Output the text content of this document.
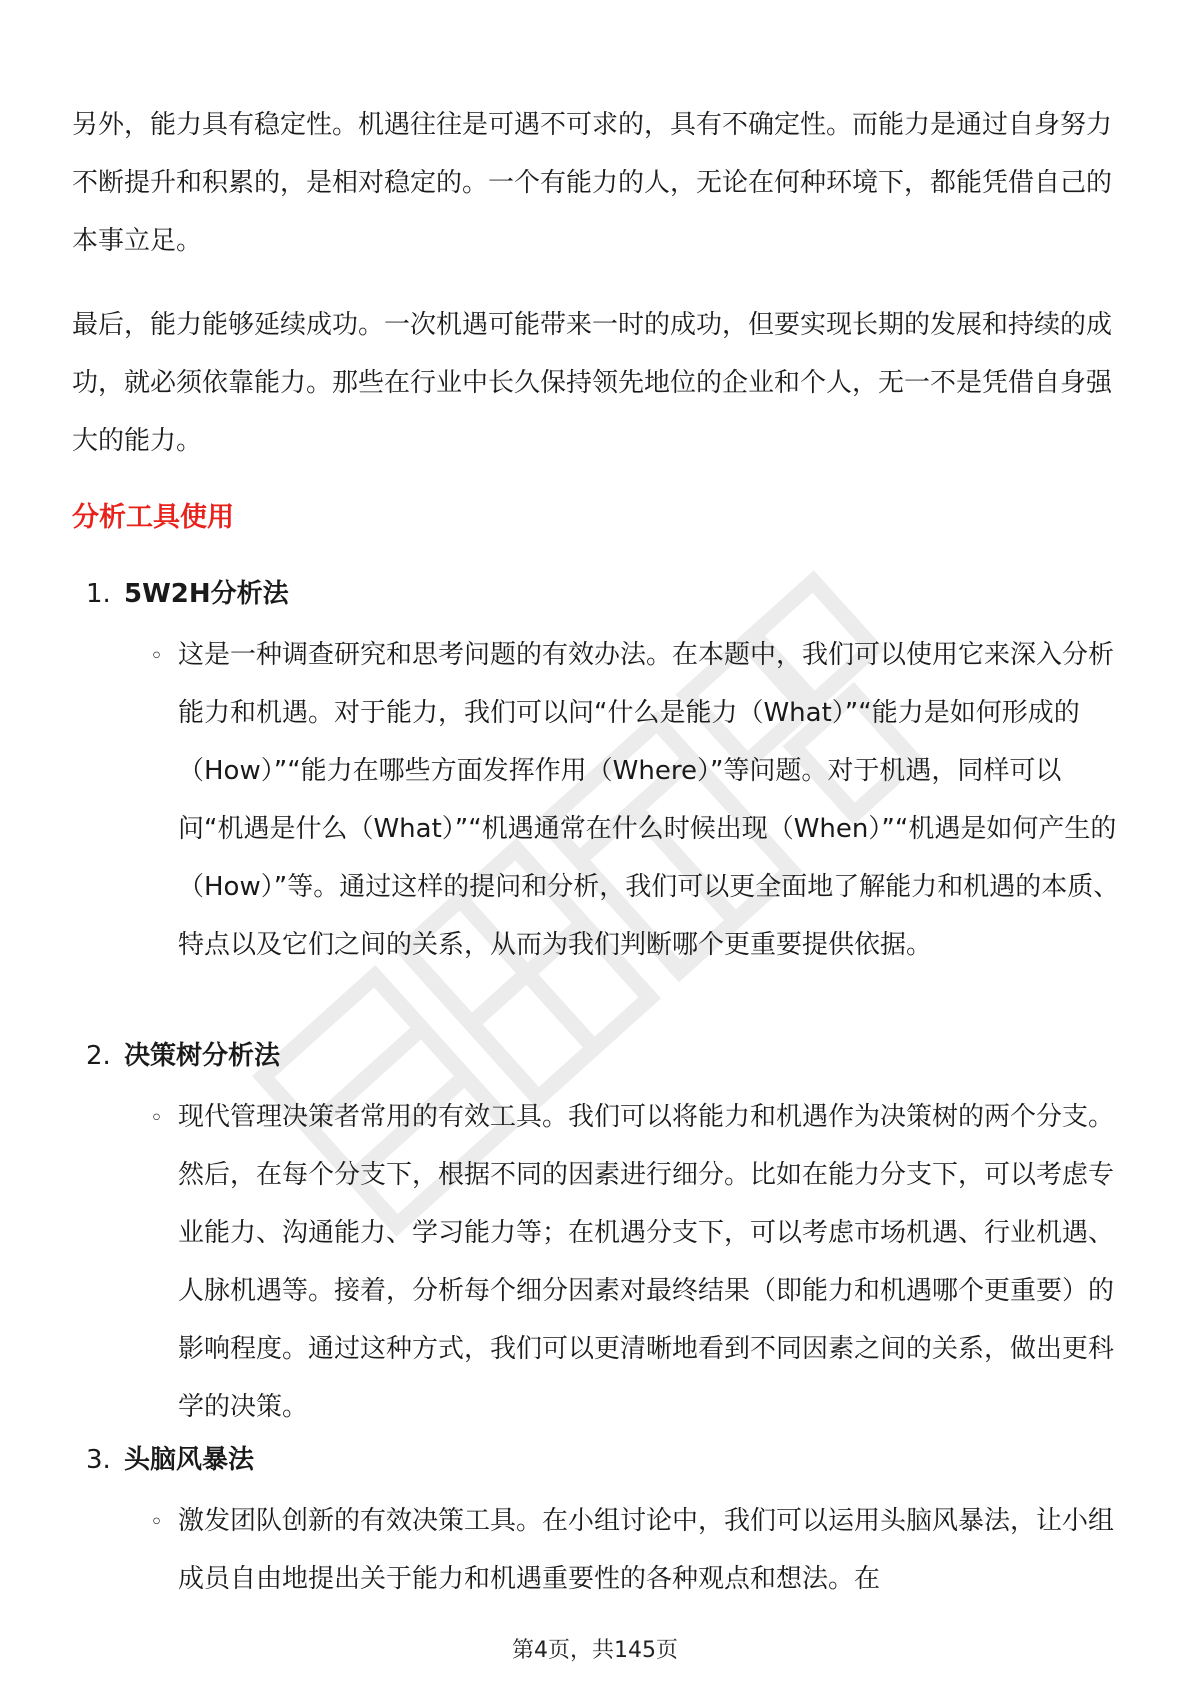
另外，能力具有稳定性。机遇往往是可遇不可求的，具有不确定性。而能力是通过自身努力不断提升和积累的，是相对稳定的。一个有能力的人，无论在何种环境下，都能凭借自己的本事立足。

最后，能力能够延续成功。一次机遇可能带来一时的成功，但要实现长期的发展和持续的成功，就必须依靠能力。那些在行业中长久保持领先地位的企业和个人，无一不是凭借自身强大的能力。

分析工具使用
1. 5W2H分析法
◦ 这是一种调查研究和思考问题的有效办法。在本题中，我们可以使用它来深入分析能力和机遇。对于能力，我们可以问“什么是能力（What）”“能力是如何形成的（How）”“能力在哪些方面发挥作用（Where）”等问题。对于机遇，同样可以问“机遇是什么（What）”“机遇通常在什么时候出现（When）”“机遇是如何产生的（How）”等。通过这样的提问和分析，我们可以更全面地了解能力和机遇的本质、特点以及它们之间的关系，从而为我们判断哪个更重要提供依据。

2. 决策树分析法
◦ 现代管理决策者常用的有效工具。我们可以将能力和机遇作为决策树的两个分支。然后，在每个分支下，根据不同的因素进行细分。比如在能力分支下，可以考虑专业能力、沟通能力、学习能力等；在机遇分支下，可以考虑市场机遇、行业机遇、人脉机遇等。接着，分析每个细分因素对最终结果（即能力和机遇哪个更重要）的影响程度。通过这种方式，我们可以更清晰地看到不同因素之间的关系，做出更科学的决策。

3. 头脑风暴法
◦ 激发团队创新的有效决策工具。在小组讨论中，我们可以运用头脑风暴法，让小组成员自由地提出关于能力和机遇重要性的各种观点和想法。在

第4页，共145页
